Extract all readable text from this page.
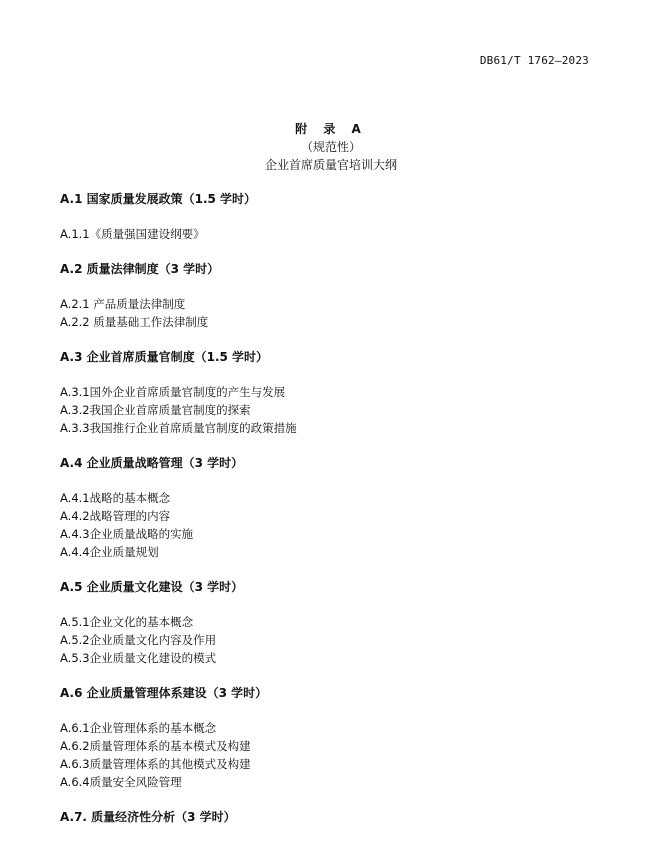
DB61/T 1762—2023
附 录 A
（规范性）
企业首席质量官培训大纲
A.1 国家质量发展政策（1.5 学时）
A.1.1《质量强国建设纲要》
A.2 质量法律制度（3 学时）
A.2.1 产品质量法律制度
A.2.2 质量基础工作法律制度
A.3 企业首席质量官制度（1.5 学时）
A.3.1国外企业首席质量官制度的产生与发展
A.3.2我国企业首席质量官制度的探索
A.3.3我国推行企业首席质量官制度的政策措施
A.4 企业质量战略管理（3 学时）
A.4.1战略的基本概念
A.4.2战略管理的内容
A.4.3企业质量战略的实施
A.4.4企业质量规划
A.5 企业质量文化建设（3 学时）
A.5.1企业文化的基本概念
A.5.2企业质量文化内容及作用
A.5.3企业质量文化建设的模式
A.6 企业质量管理体系建设（3 学时）
A.6.1企业管理体系的基本概念
A.6.2质量管理体系的基本模式及构建
A.6.3质量管理体系的其他模式及构建
A.6.4质量安全风险管理
A.7. 质量经济性分析（3 学时）
